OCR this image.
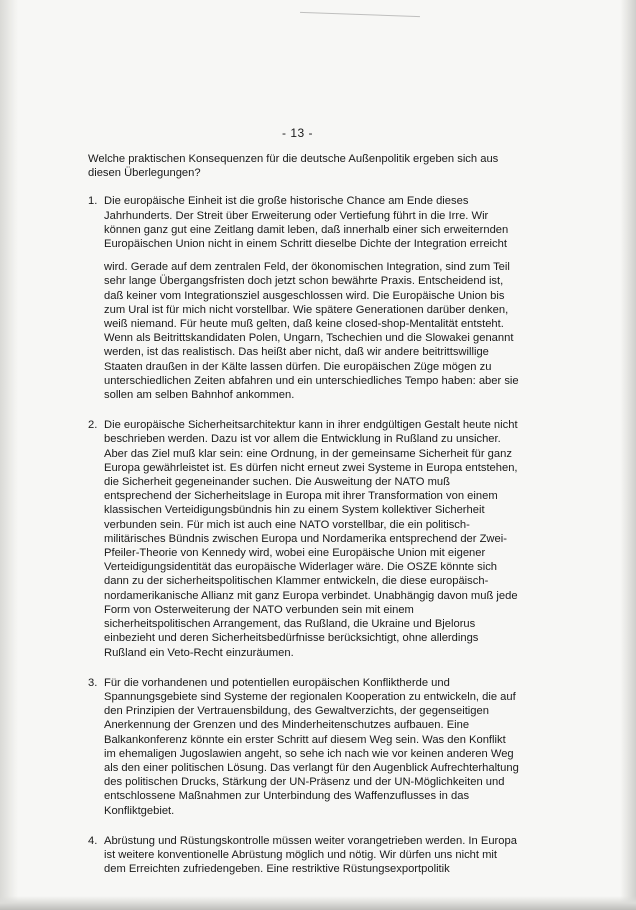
- 13 -

Welche praktischen Konsequenzen für die deutsche Außenpolitik ergeben sich aus diesen Überlegungen?

1. Die europäische Einheit ist die große historische Chance am Ende dieses Jahrhunderts. Der Streit über Erweiterung oder Vertiefung führt in die Irre. Wir können ganz gut eine Zeitlang damit leben, daß innerhalb einer sich erweiternden Europäischen Union nicht in einem Schritt dieselbe Dichte der Integration erreicht

wird. Gerade auf dem zentralen Feld, der ökonomischen Integration, sind zum Teil sehr lange Übergangsfristen doch jetzt schon bewährte Praxis. Entscheidend ist, daß keiner vom Integrationsziel ausgeschlossen wird. Die Europäische Union bis zum Ural ist für mich nicht vorstellbar. Wie spätere Generationen darüber denken, weiß niemand. Für heute muß gelten, daß keine closed-shop-Mentalität entsteht. Wenn als Beitrittskandidaten Polen, Ungarn, Tschechien und die Slowakei genannt werden, ist das realistisch. Das heißt aber nicht, daß wir andere beitrittswillige Staaten draußen in der Kälte lassen dürfen. Die europäischen Züge mögen zu unterschiedlichen Zeiten abfahren und ein unterschiedliches Tempo haben: aber sie sollen am selben Bahnhof ankommen.

2. Die europäische Sicherheitsarchitektur kann in ihrer endgültigen Gestalt heute nicht beschrieben werden. Dazu ist vor allem die Entwicklung in Rußland zu unsicher. Aber das Ziel muß klar sein: eine Ordnung, in der gemeinsame Sicherheit für ganz Europa gewährleistet ist. Es dürfen nicht erneut zwei Systeme in Europa entstehen, die Sicherheit gegeneinander suchen. Die Ausweitung der NATO muß entsprechend der Sicherheitslage in Europa mit ihrer Transformation von einem klassischen Verteidigungsbündnis hin zu einem System kollektiver Sicherheit verbunden sein. Für mich ist auch eine NATO vorstellbar, die ein politisch-militärisches Bündnis zwischen Europa und Nordamerika entsprechend der Zwei-Pfeiler-Theorie von Kennedy wird, wobei eine Europäische Union mit eigener Verteidigungsidentität das europäische Widerlager wäre. Die OSZE könnte sich dann zu der sicherheitspolitischen Klammer entwickeln, die diese europäisch-nordamerikanische Allianz mit ganz Europa verbindet. Unabhängig davon muß jede Form von Osterweiterung der NATO verbunden sein mit einem sicherheitspolitischen Arrangement, das Rußland, die Ukraine und Bjelorus einbezieht und deren Sicherheitsbedürfnisse berücksichtigt, ohne allerdings Rußland ein Veto-Recht einzuräumen.

3. Für die vorhandenen und potentiellen europäischen Konfliktherde und Spannungsgebiete sind Systeme der regionalen Kooperation zu entwickeln, die auf den Prinzipien der Vertrauensbildung, des Gewaltverzichts, der gegenseitigen Anerkennung der Grenzen und des Minderheitenschutzes aufbauen. Eine Balkankonferenz könnte ein erster Schritt auf diesem Weg sein. Was den Konflikt im ehemaligen Jugoslawien angeht, so sehe ich nach wie vor keinen anderen Weg als den einer politischen Lösung. Das verlangt für den Augenblick Aufrechterhaltung des politischen Drucks, Stärkung der UN-Präsenz und der UN-Möglichkeiten und entschlossene Maßnahmen zur Unterbindung des Waffenzuflusses in das Konfliktgebiet.

4. Abrüstung und Rüstungskontrolle müssen weiter vorangetrieben werden. In Europa ist weitere konventionelle Abrüstung möglich und nötig. Wir dürfen uns nicht mit dem Erreichten zufriedengeben. Eine restriktive Rüstungsexportpolitik
